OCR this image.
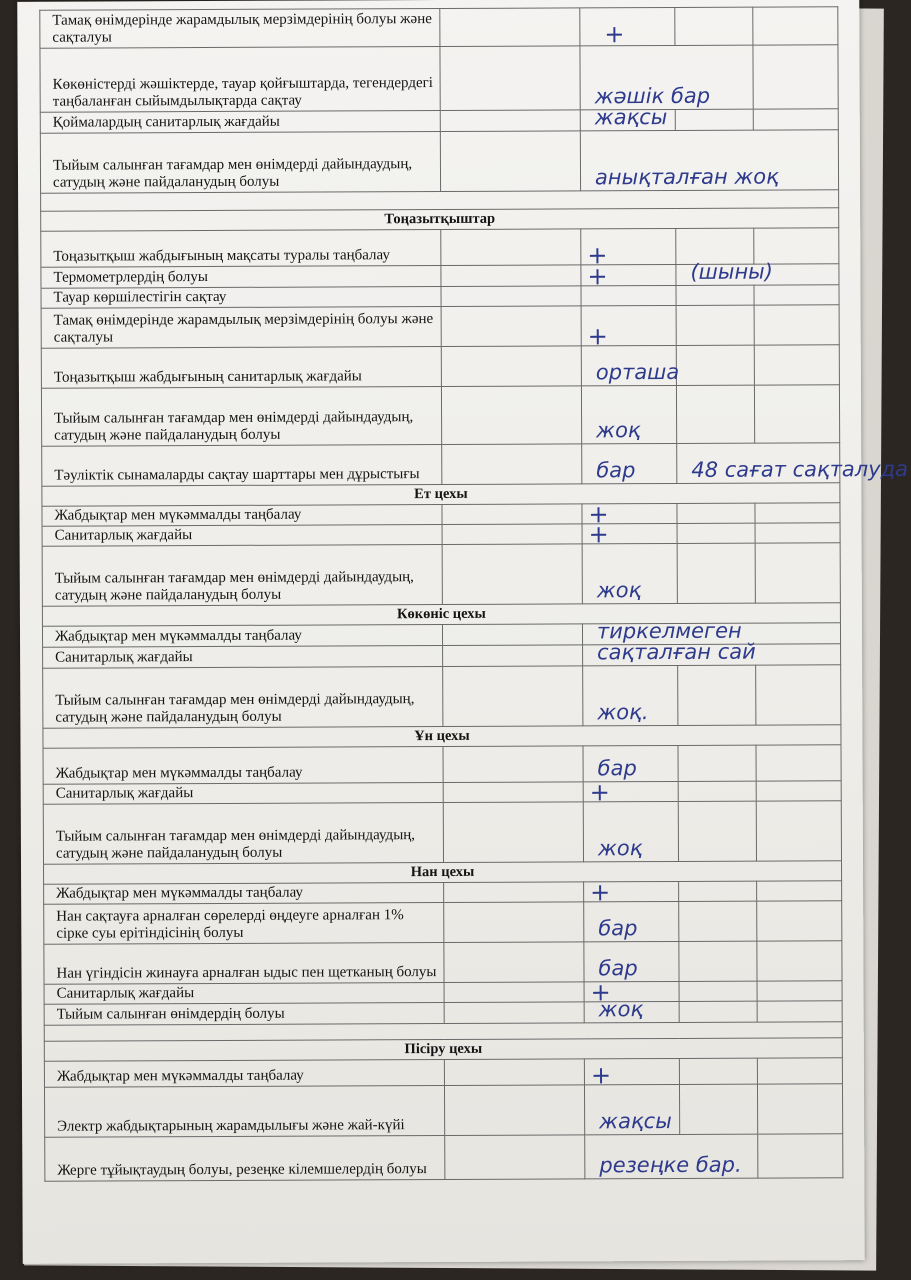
Тамақ өнімдерінде жарамдылық мерзімдерінің болуы және сақталуы		+		
Көкөністерді жәшіктерде, тауар қойғыштарда, тегендердегі таңбаланған сыйымдылықтарда сақтау		жәшік бар		
Қоймалардың санитарлық жағдайы		жақсы		
Тыйым салынған тағамдар мен өнімдерді дайындаудың, сатудың және пайдаланудың болуы		анықталған жоқ		

Тоңазытқыштар				
Тоңазытқыш жабдығының мақсаты туралы таңбалау		+		
Термометрлердің болуы		+	(шыны)	
Тауар көршілестігін сақтау				
Тамақ өнімдерінде жарамдылық мерзімдерінің болуы және сақталуы		+		
Тоңазытқыш жабдығының санитарлық жағдайы		орташа		
Тыйым салынған тағамдар мен өнімдерді дайындаудың, сатудың және пайдаланудың болуы		жоқ		
Тәуліктік сынамаларды сақтау шарттары мен дұрыстығы		бар	48 сағат сақталуда	
Ет цехы				
Жабдықтар мен мүкәммалды таңбалау		+		
Санитарлық жағдайы		+		
Тыйым салынған тағамдар мен өнімдерді дайындаудың, сатудың және пайдаланудың болуы		жоқ		
Көкөніс цехы				
Жабдықтар мен мүкәммалды таңбалау		тиркелмеген		
Санитарлық жағдайы		сақталған сай		
Тыйым салынған тағамдар мен өнімдерді дайындаудың, сатудың және пайдаланудың болуы		жоқ.		
Ұн цехы				
Жабдықтар мен мүкәммалды таңбалау		бар		
Санитарлық жағдайы		+		
Тыйым салынған тағамдар мен өнімдерді дайындаудың, сатудың және пайдаланудың болуы		жоқ		
Нан цехы				
Жабдықтар мен мүкәммалды таңбалау		+		
Нан сақтауға арналған сөрелерді өңдеуге арналған 1% сірке суы ерітіндісінің болуы		бар		
Нан үгіндісін жинауға арналған ыдыс пен щетканың болуы		бар		
Санитарлық жағдайы		+		
Тыйым салынған өнімдердің болуы		жоқ		

Пісіру цехы				
Жабдықтар мен мүкәммалды таңбалау		+		
Электр жабдықтарының жарамдылығы және жай-күйі		жақсы		
Жерге тұйықтаудың болуы, резеңке кілемшелердің болуы		резеңке бар.		
